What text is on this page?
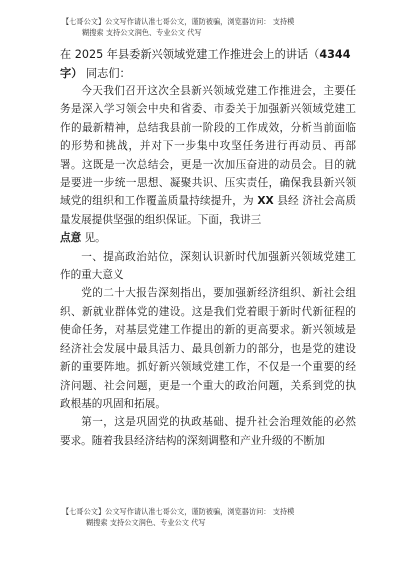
【七哥公文】公文写作请认准七哥公文，谨防被骗，浏览器访问： 支持模
糊搜索 支持公文润色、专业公文 代写
在 2025 年县委新兴领域党建工作推进会上的讲话（4344
字） 同志们：

今天我们召开这次全县新兴领域党建工作推进会，主要任务是深入学习领会中央和省委、市委关于加强新兴领域党建工作的最新精神，总结我县前一阶段的工作成效，分析当前面临的形势和挑战，并对下一步集中攻坚任务进行再动员、再部署。这既是一次总结会，更是一次加压奋进的动员会。目的就是要进一步统一思想、凝聚共识、压实责任，确保我县新兴领域党的组织和工作覆盖质量持续提升，为 XX 县经 济社会高质量发展提供坚强的组织保证。下面，我讲三
点意 见。

一、提高政治站位，深刻认识新时代加强新兴领域党建工作的重大意义

党的二十大报告深刻指出，要加强新经济组织、新社会组织、新就业群体党的建设。这是我们党着眼于新时代新征程的使命任务，对基层党建工作提出的新的更高要求。新兴领域是经济社会发展中最具活力、最具创新力的部分，也是党的建设新的重要阵地。抓好新兴领域党建工作，不仅是一个重要的经济问题、社会问题，更是一个重大的政治问题，关系到党的执政根基的巩固和拓展。

第一，这是巩固党的执政基础、提升社会治理效能的必然要求。随着我县经济结构的深刻调整和产业升级的不断加

【七哥公文】公文写作请认准七哥公文，谨防被骗，浏览器访问： 支持模
糊搜索 支持公文润色、专业公文 代写
